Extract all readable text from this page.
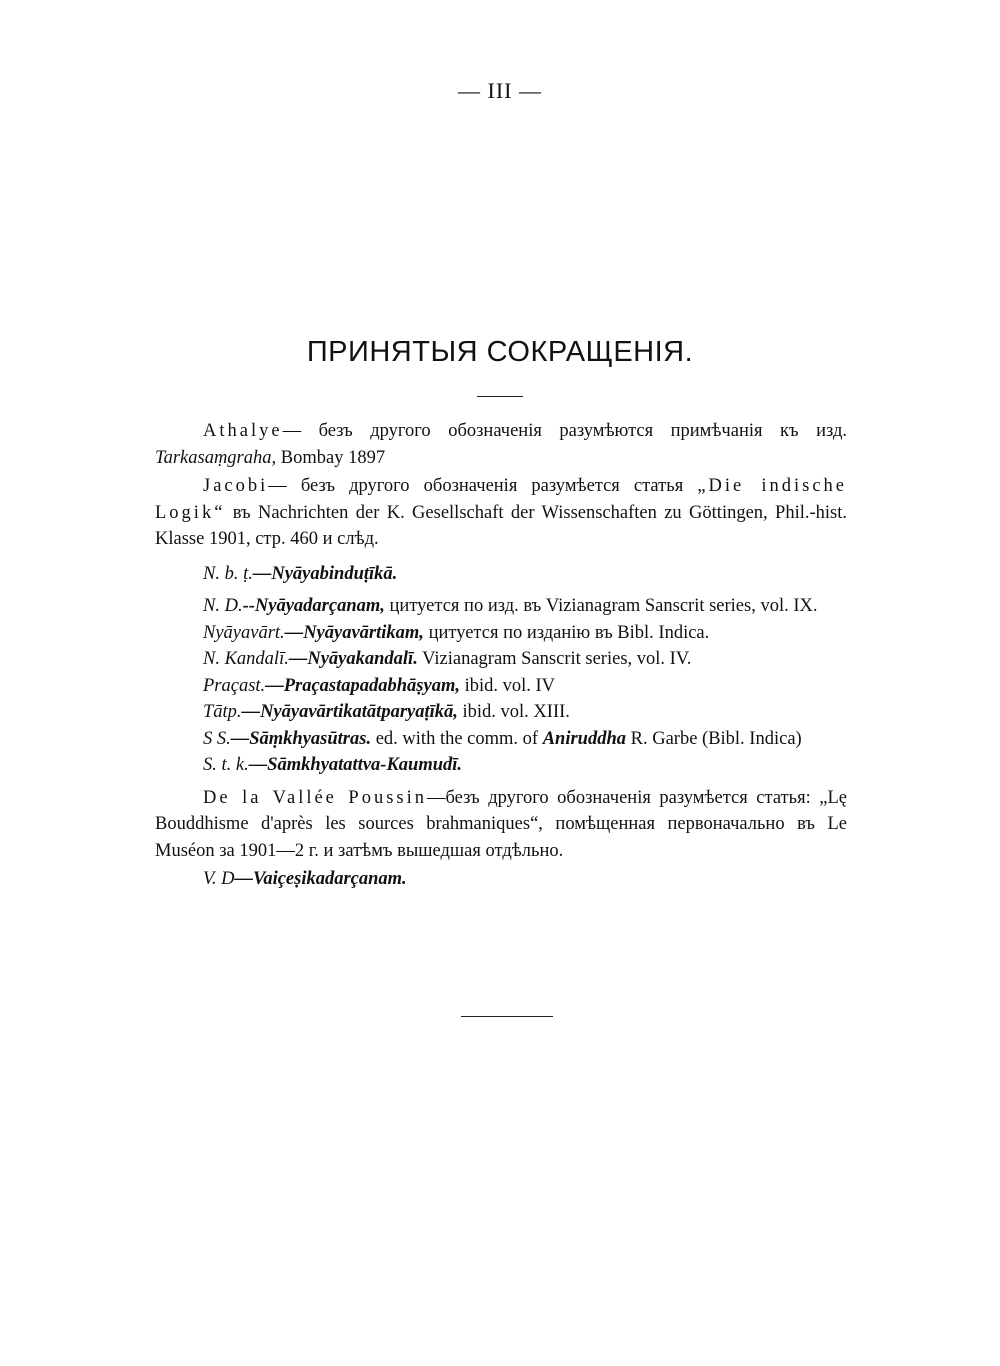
— III —
ПРИНЯТЫЯ СОКРАЩЕНІЯ.

Athalye— безъ другого обозначенія разумѣются примѣчанія къ изд. Tarkasaṃgraha, Bombay 1897

Jacobi— безъ другого обозначенія разумѣется статья „Die indische Logik“ въ Nachrichten der K. Gesellschaft der Wissenschaften zu Göttingen, Phil.-hist. Klasse 1901, стр. 460 и слѣд.

N. b. ṭ.—Nyāyabinduṭīkā.

N. D.--Nyāyadarçanam, цитуется по изд. въ Vizianagram Sanscrit series, vol. IX.

Nyāyavārt.—Nyāyavārtikam, цитуется по изданію въ Bibl. Indica.

N. Kandalī.—Nyāyakandalī. Vizianagram Sanscrit series, vol. IV.

Praçast.—Praçastapadabhāṣyam, ibid. vol. IV

Tātp.—Nyāyavārtikatātparyaṭīkā, ibid. vol. XIII.

S S.—Sāṃkhyasūtras. ed. with the comm. of Aniruddha R. Garbe (Bibl. Indica)

S. t. k.—Sāmkhyatattva-Kaumudī.

De la Vallée Poussin—безъ другого обозначенія разумѣется статья: „Lę Bouddhisme d'après les sources brahmaniques“, помѣщенная первоначально въ Le Muséon за 1901—2 г. и затѣмъ вышедшая отдѣльно.

V. D—Vaiçeṣikadarçanam.
